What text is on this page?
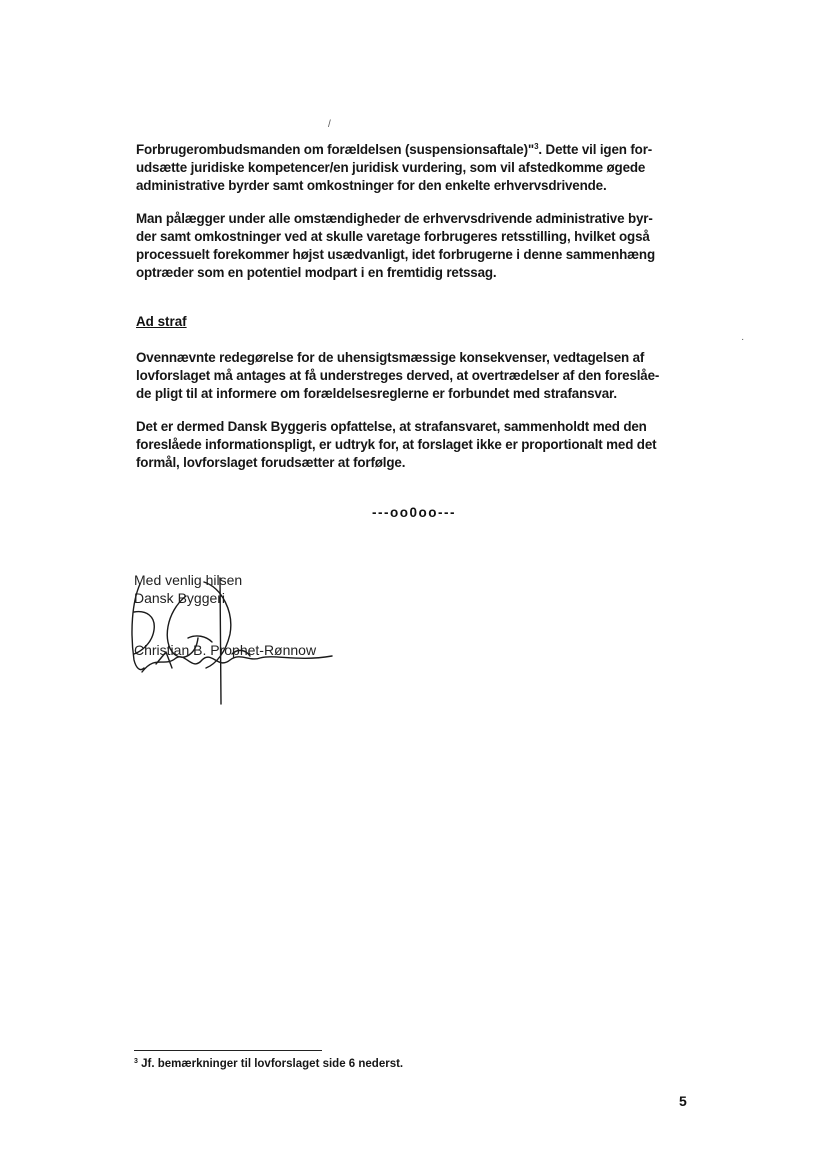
/
Forbrugerombudsmanden om forældelsen (suspensionsaftale)"$^3$. Dette vil igen for-
udsætte juridiske kompetencer/en juridisk vurdering, som vil afstedkomme øgede
administrative byrder samt omkostninger for den enkelte erhvervsdrivende.
Man pålægger under alle omstændigheder de erhvervsdrivende administrative byr-
der samt omkostninger ved at skulle varetage forbrugeres retsstilling, hvilket også
processuelt forekommer højst usædvanligt, idet forbrugerne i denne sammenhæng
optræder som en potentiel modpart i en fremtidig retssag.
Ad straf
Ovennævnte redegørelse for de uhensigtsmæssige konsekvenser, vedtagelsen af
lovforslaget må antages at få understreges derved, at overtrædelser af den foreslåe-
de pligt til at informere om forældelsesreglerne er forbundet med strafansvar.
Det er dermed Dansk Byggeris opfattelse, at strafansvaret, sammenholdt med den
foreslåede informationspligt, er udtryk for, at forslaget ikke er proportionalt med det
formål, lovforslaget forudsætter at forfølge.
---oo0oo---
Med venlig hilsen
Dansk Byggeri
Christian B. Prophet-Rønnow
$^3$ Jf. bemærkninger til lovforslaget side 6 nederst.
5
·
